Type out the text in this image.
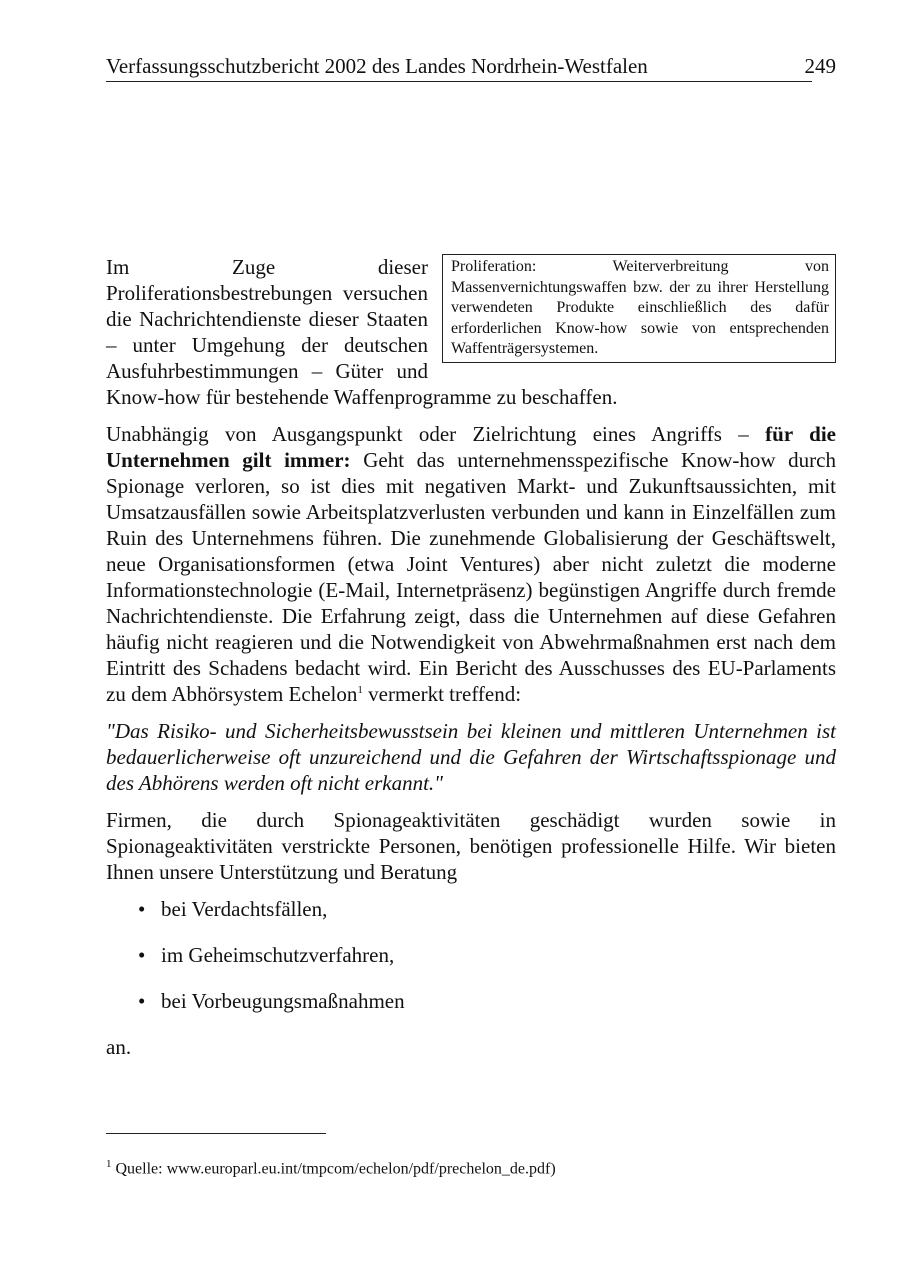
Verfassungsschutzbericht 2002 des Landes Nordrhein-Westfalen	249
Proliferation: Weiterverbreitung von Massenvernichtungswaffen bzw. der zu ihrer Herstellung verwendeten Produkte einschließlich des dafür erforderlichen Know-how sowie von entsprechenden Waffenträgersystemen.

Im Zuge dieser Proliferationsbestrebungen versuchen die Nachrichtendienste dieser Staaten – unter Umgehung der deutschen Ausfuhrbestimmungen – Güter und Know-how für bestehende Waffenprogramme zu beschaffen.

Unabhängig von Ausgangspunkt oder Zielrichtung eines Angriffs – für die Unternehmen gilt immer: Geht das unternehmensspezifische Know-how durch Spionage verloren, so ist dies mit negativen Markt- und Zukunftsaussichten, mit Umsatzausfällen sowie Arbeitsplatzverlusten verbunden und kann in Einzelfällen zum Ruin des Unternehmens führen. Die zunehmende Globalisierung der Geschäftswelt, neue Organisationsformen (etwa Joint Ventures) aber nicht zuletzt die moderne Informationstechnologie (E-Mail, Internetpräsenz) begünstigen Angriffe durch fremde Nachrichtendienste. Die Erfahrung zeigt, dass die Unternehmen auf diese Gefahren häufig nicht reagieren und die Notwendigkeit von Abwehrmaßnahmen erst nach dem Eintritt des Schadens bedacht wird. Ein Bericht des Ausschusses des EU-Parlaments zu dem Abhörsystem Echelon$^1$ vermerkt treffend:

"Das Risiko- und Sicherheitsbewusstsein bei kleinen und mittleren Unternehmen ist bedauerlicherweise oft unzureichend und die Gefahren der Wirtschaftsspionage und des Abhörens werden oft nicht erkannt."

Firmen, die durch Spionageaktivitäten geschädigt wurden sowie in Spionageaktivitäten verstrickte Personen, benötigen professionelle Hilfe. Wir bieten Ihnen unsere Unterstützung und Beratung

• bei Verdachtsfällen,
• im Geheimschutzverfahren,
• bei Vorbeugungsmaßnahmen

an.

$^1$ Quelle: www.europarl.eu.int/tmpcom/echelon/pdf/prechelon_de.pdf)
